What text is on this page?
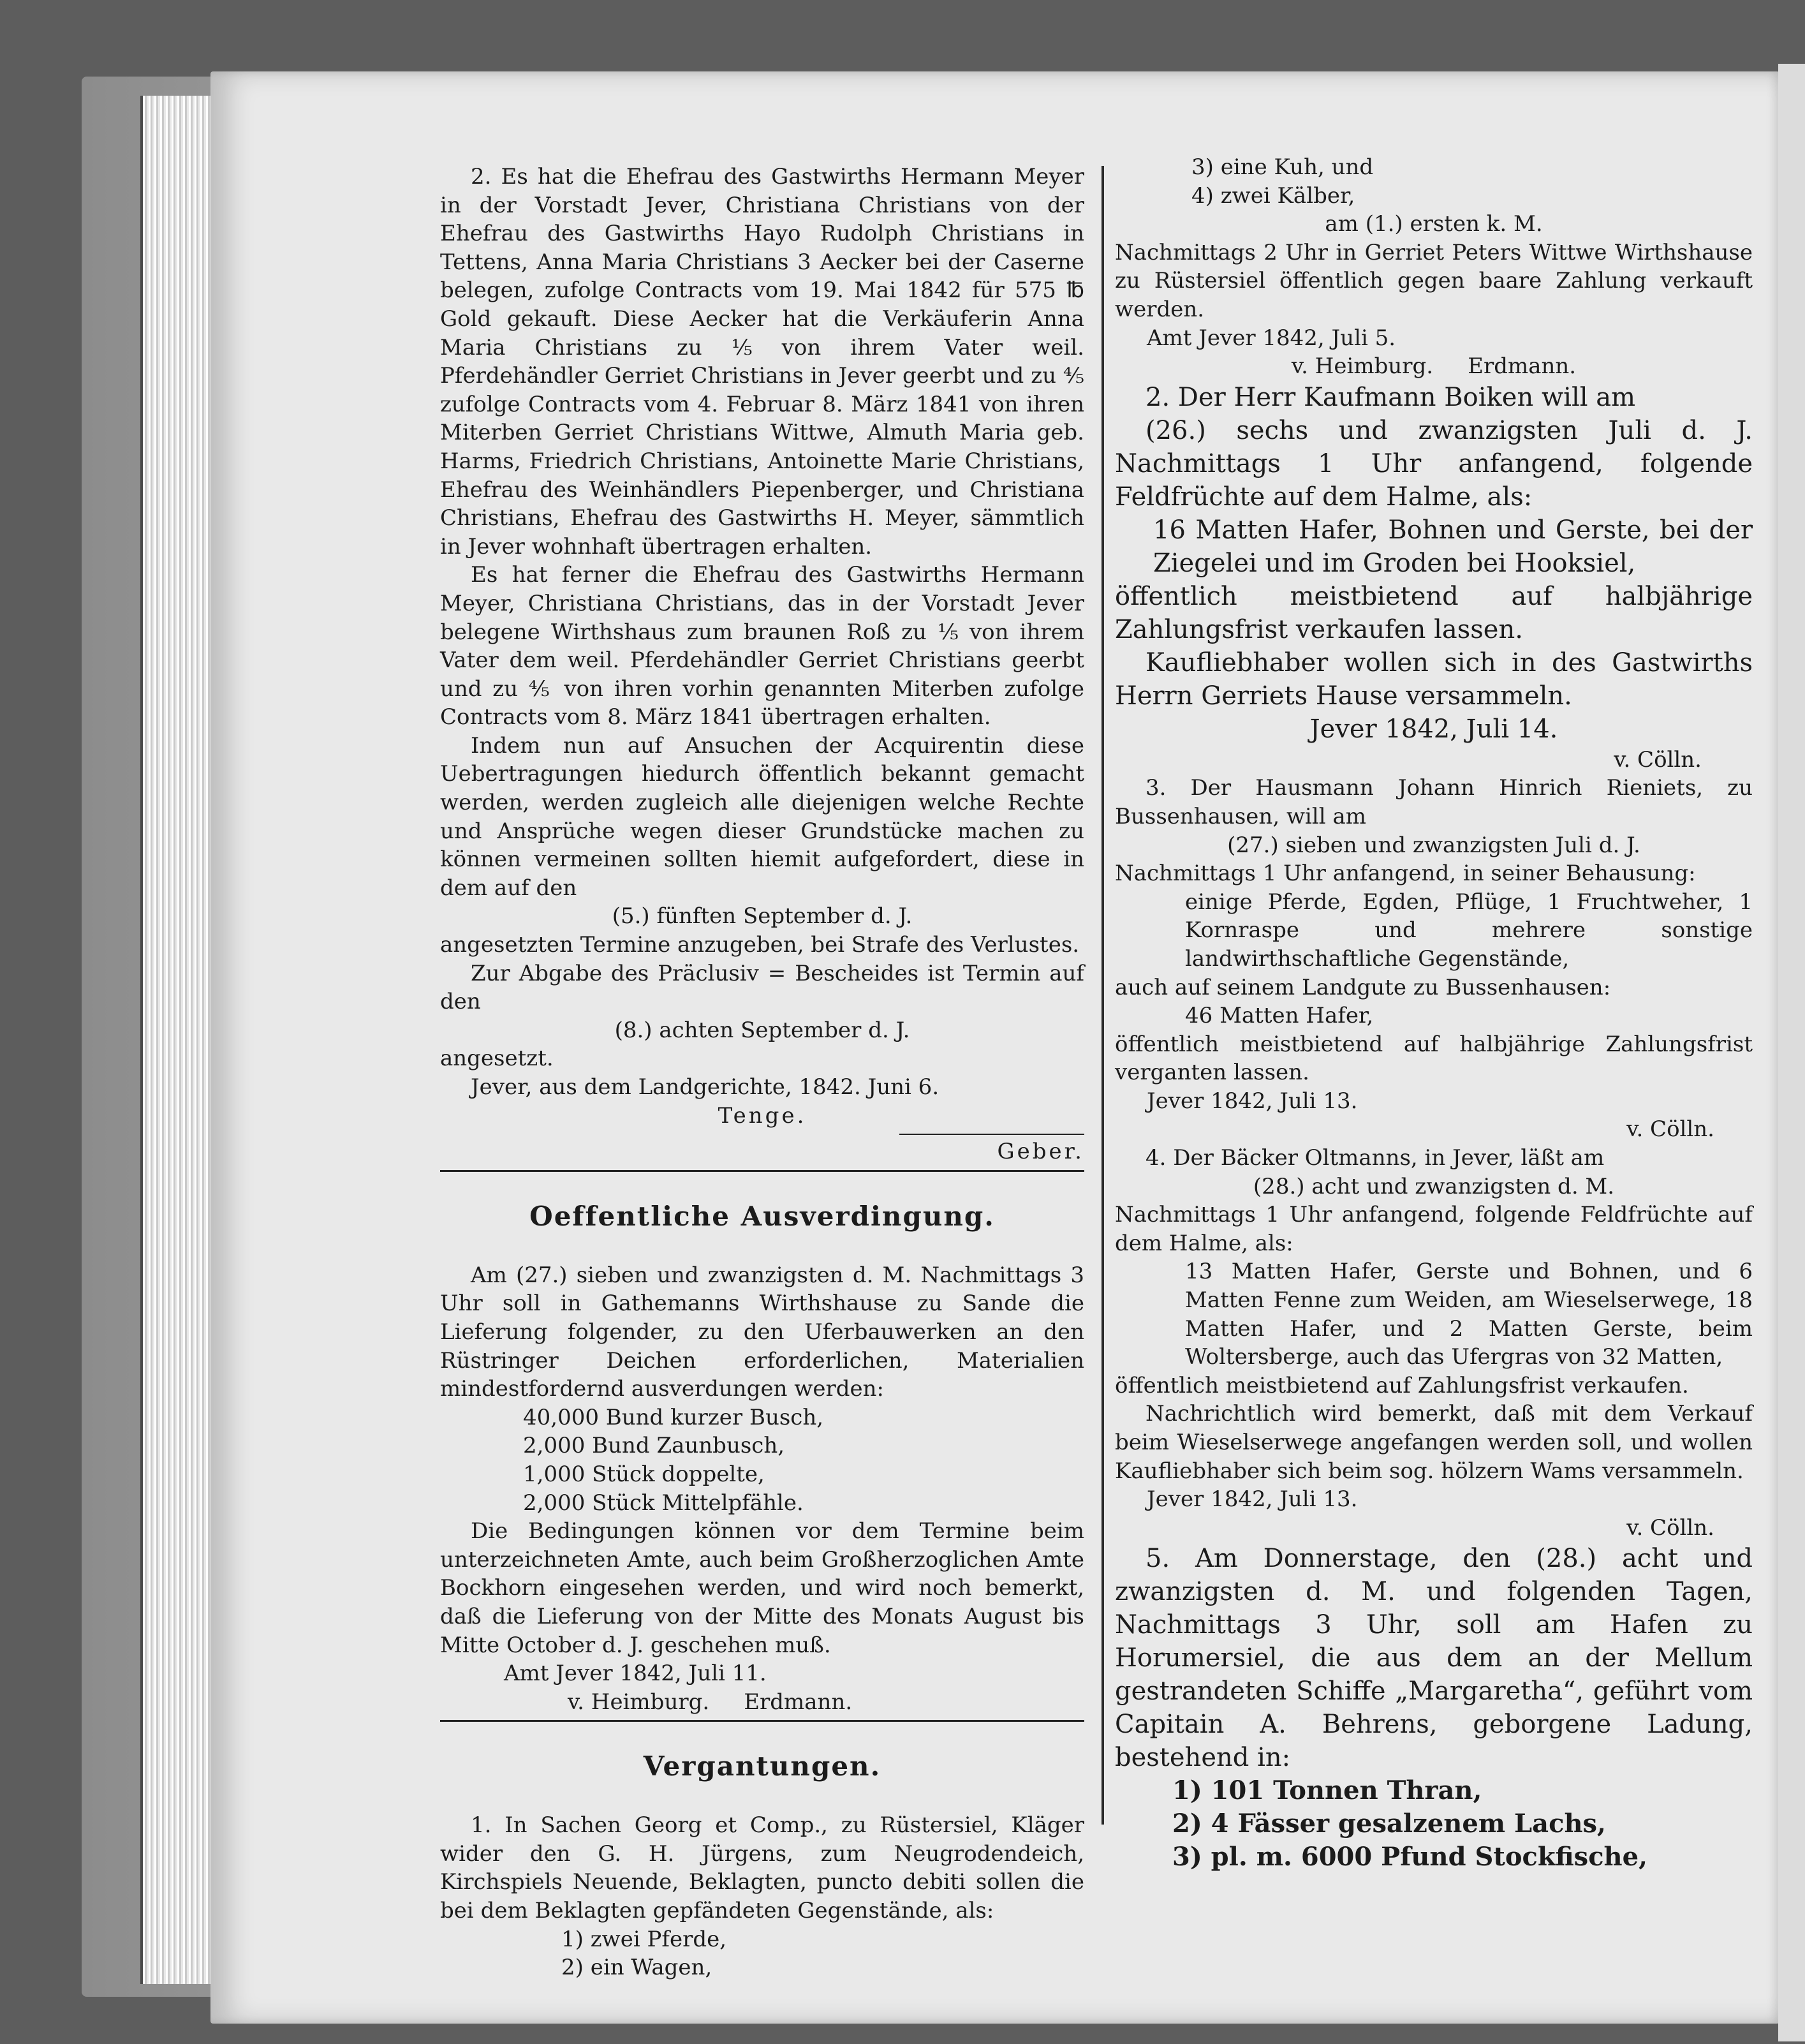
2. Es hat die Ehefrau des Gastwirths Hermann Meyer in der Vorstadt Jever, Christiana Christians von der Ehefrau des Gastwirths Hayo Rudolph Christians in Tettens, Anna Maria Christians 3 Aecker bei der Caserne belegen, zufolge Contracts vom 19. Mai 1842 für 575 ℔ Gold gekauft. Diese Aecker hat die Verkäuferin Anna Maria Christians zu ⅕ von ihrem Vater weil. Pferdehändler Gerriet Christians in Jever geerbt und zu ⅘ zufolge Contracts vom 4. Februar 8. März 1841 von ihren Miterben Gerriet Christians Wittwe, Almuth Maria geb. Harms, Friedrich Christians, Antoinette Marie Christians, Ehefrau des Weinhändlers Piepenberger, und Christiana Christians, Ehefrau des Gastwirths H. Meyer, sämmtlich in Jever wohnhaft übertragen erhalten.

Es hat ferner die Ehefrau des Gastwirths Hermann Meyer, Christiana Christians, das in der Vorstadt Jever belegene Wirthshaus zum braunen Roß zu ⅕ von ihrem Vater dem weil. Pferdehändler Gerriet Christians geerbt und zu ⅘ von ihren vorhin genannten Miterben zufolge Contracts vom 8. März 1841 übertragen erhalten.

Indem nun auf Ansuchen der Acquirentin diese Uebertragungen hiedurch öffentlich bekannt gemacht werden, werden zugleich alle diejenigen welche Rechte und Ansprüche wegen dieser Grundstücke machen zu können vermeinen sollten hiemit aufgefordert, diese in dem auf den

(5.) fünften September d. J.

angesetzten Termine anzugeben, bei Strafe des Verlustes.

Zur Abgabe des Präclusiv = Bescheides ist Termin auf den

(8.) achten September d. J.

angesetzt.

Jever, aus dem Landgerichte, 1842. Juni 6.

Tenge.

Geber.

Oeffentliche Ausverdingung.

Am (27.) sieben und zwanzigsten d. M. Nachmittags 3 Uhr soll in Gathemanns Wirthshause zu Sande die Lieferung folgender, zu den Uferbauwerken an den Rüstringer Deichen erforderlichen, Materialien mindestfordernd ausverdungen werden:

40,000 Bund kurzer Busch,

2,000 Bund Zaunbusch,

1,000 Stück doppelte,

2,000 Stück Mittelpfähle.

Die Bedingungen können vor dem Termine beim unterzeichneten Amte, auch beim Großherzoglichen Amte Bockhorn eingesehen werden, und wird noch bemerkt, daß die Lieferung von der Mitte des Monats August bis Mitte October d. J. geschehen muß.

Amt Jever 1842, Juli 11.

v. Heimburg.     Erdmann.

Vergantungen.

1. In Sachen Georg et Comp., zu Rüstersiel, Kläger wider den G. H. Jürgens, zum Neugrodendeich, Kirchspiels Neuende, Beklagten, puncto debiti sollen die bei dem Beklagten gepfändeten Gegenstände, als:

1) zwei Pferde,

2) ein Wagen,

3) eine Kuh, und

4) zwei Kälber,

am (1.) ersten k. M.

Nachmittags 2 Uhr in Gerriet Peters Wittwe Wirthshause zu Rüstersiel öffentlich gegen baare Zahlung verkauft werden.

Amt Jever 1842, Juli 5.

v. Heimburg.     Erdmann.

2. Der Herr Kaufmann Boiken will am

(26.) sechs und zwanzigsten Juli d. J. Nachmittags 1 Uhr anfangend, folgende Feldfrüchte auf dem Halme, als:

16 Matten Hafer, Bohnen und Gerste, bei der Ziegelei und im Groden bei Hooksiel,

öffentlich meistbietend auf halbjährige Zahlungsfrist verkaufen lassen.

Kaufliebhaber wollen sich in des Gastwirths Herrn Gerriets Hause versammeln.

Jever 1842, Juli 14.

v. Cölln.

3. Der Hausmann Johann Hinrich Rieniets, zu Bussenhausen, will am

(27.) sieben und zwanzigsten Juli d. J.

Nachmittags 1 Uhr anfangend, in seiner Behausung:

einige Pferde, Egden, Pflüge, 1 Fruchtweher, 1 Kornraspe und mehrere sonstige landwirthschaftliche Gegenstände,

auch auf seinem Landgute zu Bussenhausen:

46 Matten Hafer,

öffentlich meistbietend auf halbjährige Zahlungsfrist verganten lassen.

Jever 1842, Juli 13.

v. Cölln.

4. Der Bäcker Oltmanns, in Jever, läßt am

(28.) acht und zwanzigsten d. M.

Nachmittags 1 Uhr anfangend, folgende Feldfrüchte auf dem Halme, als:

13 Matten Hafer, Gerste und Bohnen, und 6 Matten Fenne zum Weiden, am Wieselserwege, 18 Matten Hafer, und 2 Matten Gerste, beim Woltersberge, auch das Ufergras von 32 Matten,

öffentlich meistbietend auf Zahlungsfrist verkaufen.

Nachrichtlich wird bemerkt, daß mit dem Verkauf beim Wieselserwege angefangen werden soll, und wollen Kaufliebhaber sich beim sog. hölzern Wams versammeln.

Jever 1842, Juli 13.

v. Cölln.

5. Am Donnerstage, den (28.) acht und zwanzigsten d. M. und folgenden Tagen, Nachmittags 3 Uhr, soll am Hafen zu Horumersiel, die aus dem an der Mellum gestrandeten Schiffe „Margaretha“, geführt vom Capitain A. Behrens, geborgene Ladung, bestehend in:

1) 101 Tonnen Thran,

2) 4 Fässer gesalzenem Lachs,

3) pl. m. 6000 Pfund Stockfische,
